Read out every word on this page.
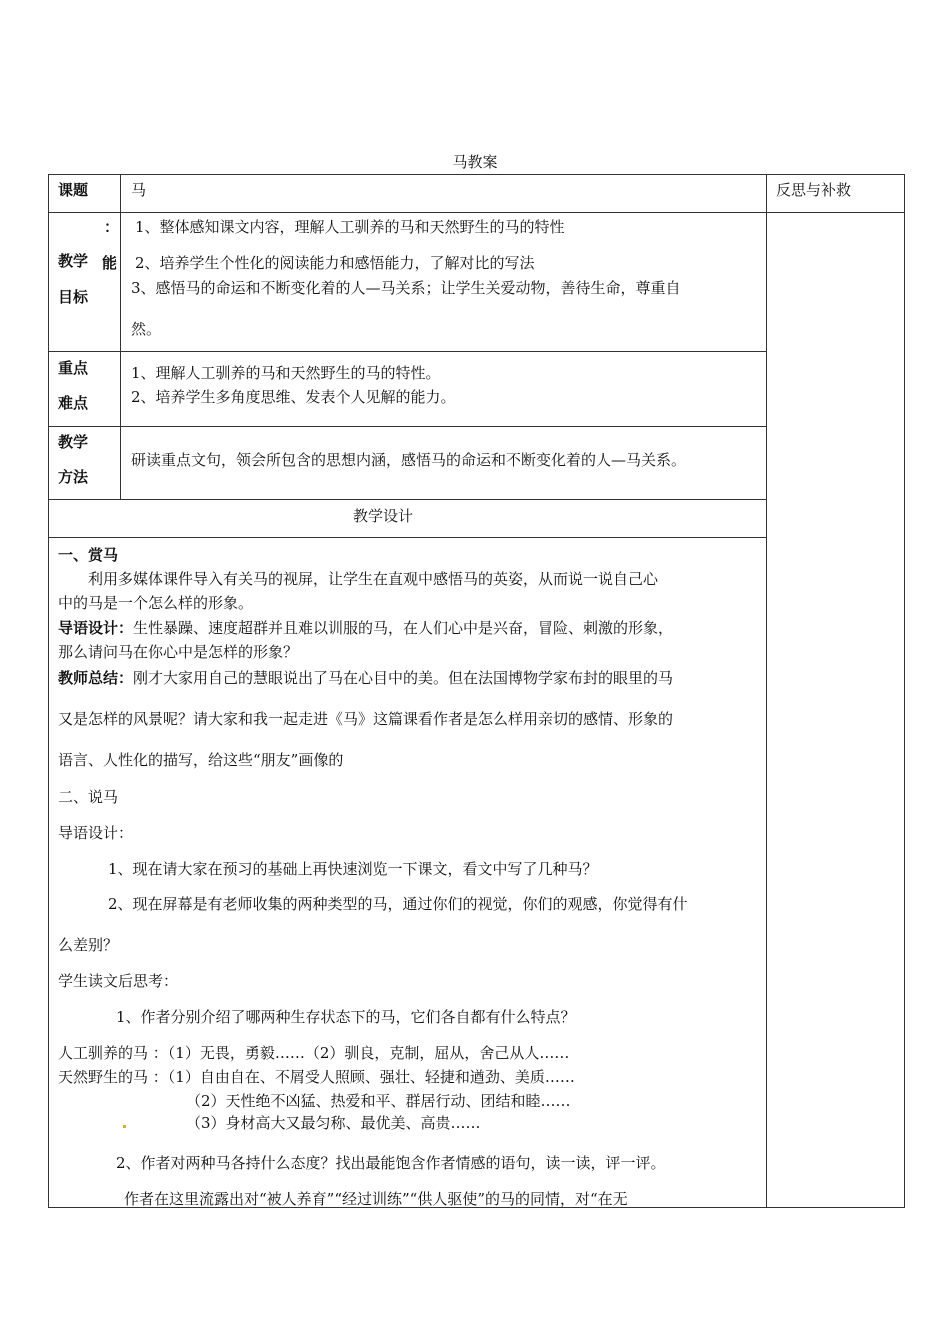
马教案
课题	马	反思与补救
：
教学 能
目标
1、整体感知课文内容，理解人工驯养的马和天然野生的马的特性
2、培养学生个性化的阅读能力和感悟能力，了解对比的写法
3、感悟马的命运和不断变化着的人—马关系；让学生关爱动物，善待生命，尊重自
然。
重点
难点
1、理解人工驯养的马和天然野生的马的特性。
2、培养学生多角度思维、发表个人见解的能力。
教学
方法
研读重点文句，领会所包含的思想内涵，感悟马的命运和不断变化着的人—马关系。
教学设计
一、赏马
利用多媒体课件导入有关马的视屏，让学生在直观中感悟马的英姿，从而说一说自己心
中的马是一个怎么样的形象。
导语设计：生性暴躁、速度超群并且难以训服的马，在人们心中是兴奋，冒险、刺激的形象，
那么请问马在你心中是怎样的形象？
教师总结：刚才大家用自己的慧眼说出了马在心目中的美。但在法国博物学家布封的眼里的马
又是怎样的风景呢？请大家和我一起走进《马》这篇课看作者是怎么样用亲切的感情、形象的
语言、人性化的描写，给这些“朋友”画像的
二、说马
导语设计：
1、现在请大家在预习的基础上再快速浏览一下课文，看文中写了几种马？
2、现在屏幕是有老师收集的两种类型的马，通过你们的视觉，你们的观感，你觉得有什
么差别？
学生读文后思考：
1、作者分别介绍了哪两种生存状态下的马，它们各自都有什么特点？
人工驯养的马 ：（1）无畏，勇毅……（2）驯良，克制，屈从，舍己从人……
天然野生的马 ：（1）自由自在、不屑受人照顾、强壮、轻捷和遒劲、美质……
（2）天性绝不凶猛、热爱和平、群居行动、团结和睦……
（3）身材高大又最匀称、最优美、高贵……
2、作者对两种马各持什么态度？找出最能饱含作者情感的语句，读一读，评一评。
作者在这里流露出对“被人养育”“经过训练”“供人驱使”的马的同情，对“在无
